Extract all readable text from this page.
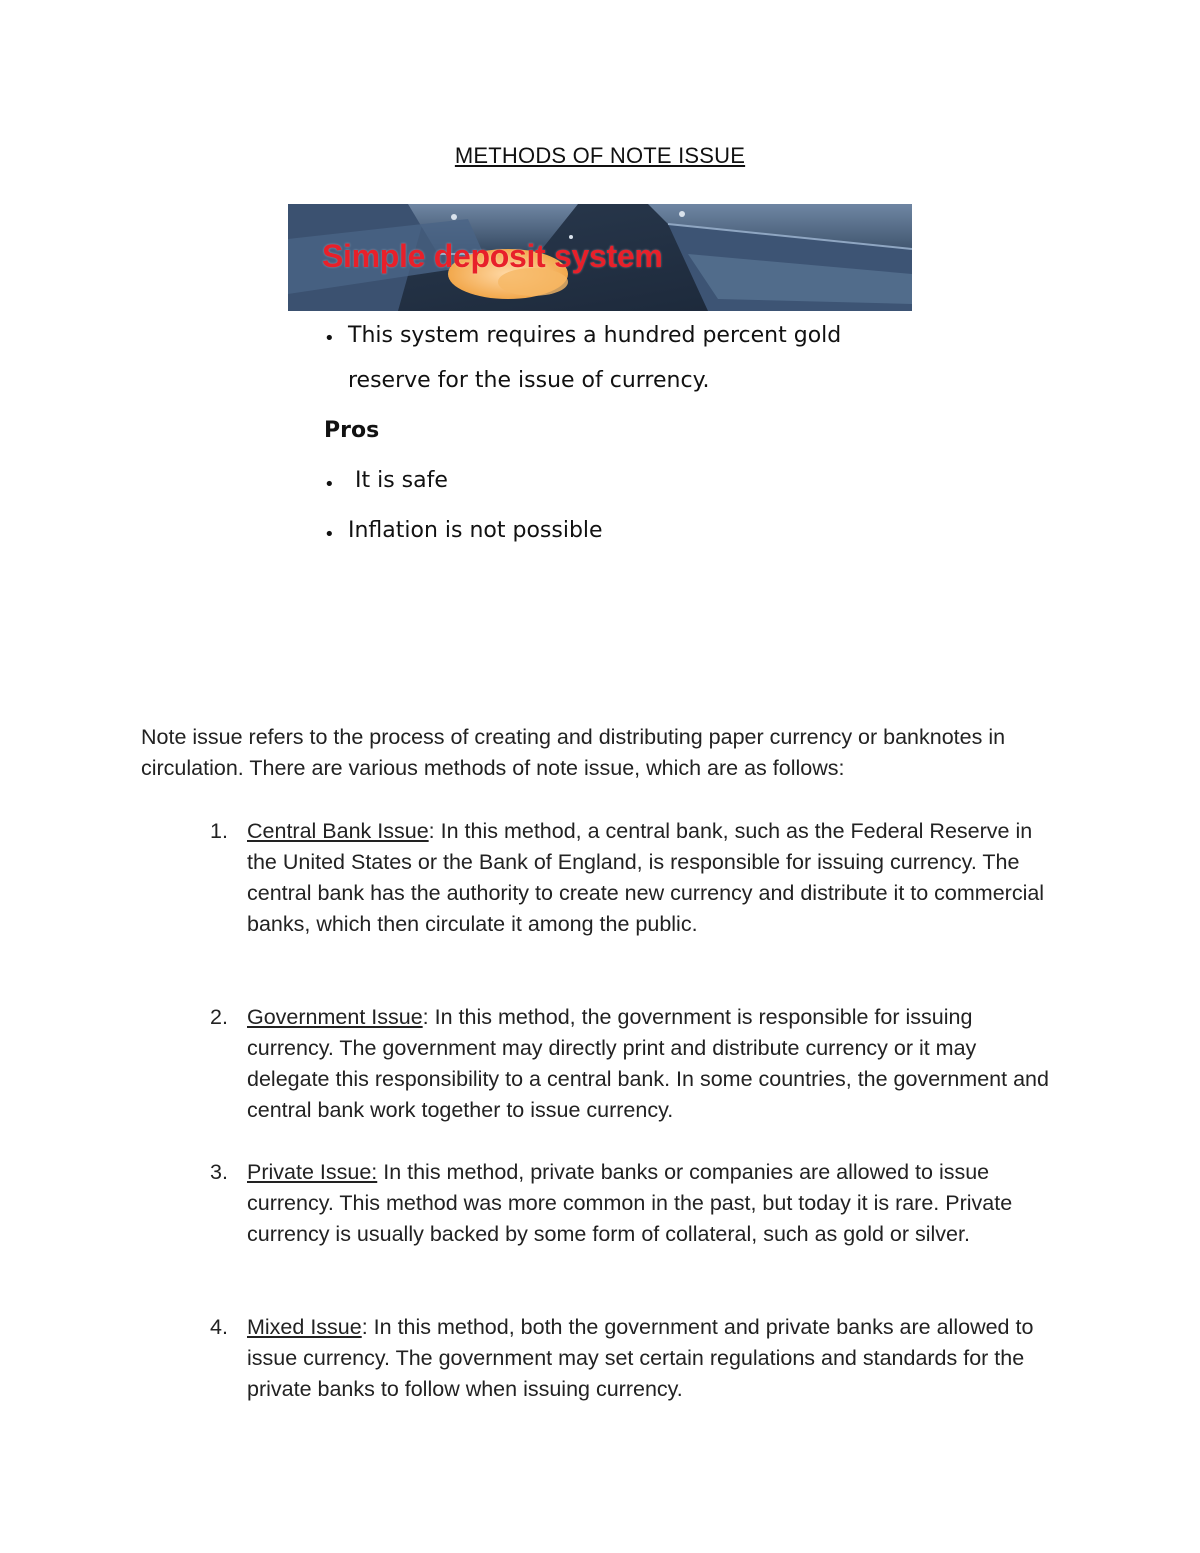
METHODS OF NOTE ISSUE
Simple deposit system
• This system requires a hundred percent gold
reserve for the issue of currency.
Pros
• It is safe
• Inflation is not possible

Note issue refers to the process of creating and distributing paper currency or banknotes in circulation. There are various methods of note issue, which are as follows:

1. Central Bank Issue: In this method, a central bank, such as the Federal Reserve in the United States or the Bank of England, is responsible for issuing currency. The central bank has the authority to create new currency and distribute it to commercial banks, which then circulate it among the public.

2. Government Issue: In this method, the government is responsible for issuing currency. The government may directly print and distribute currency or it may delegate this responsibility to a central bank. In some countries, the government and central bank work together to issue currency.

3. Private Issue: In this method, private banks or companies are allowed to issue currency. This method was more common in the past, but today it is rare. Private currency is usually backed by some form of collateral, such as gold or silver.

4. Mixed Issue: In this method, both the government and private banks are allowed to issue currency. The government may set certain regulations and standards for the private banks to follow when issuing currency.
